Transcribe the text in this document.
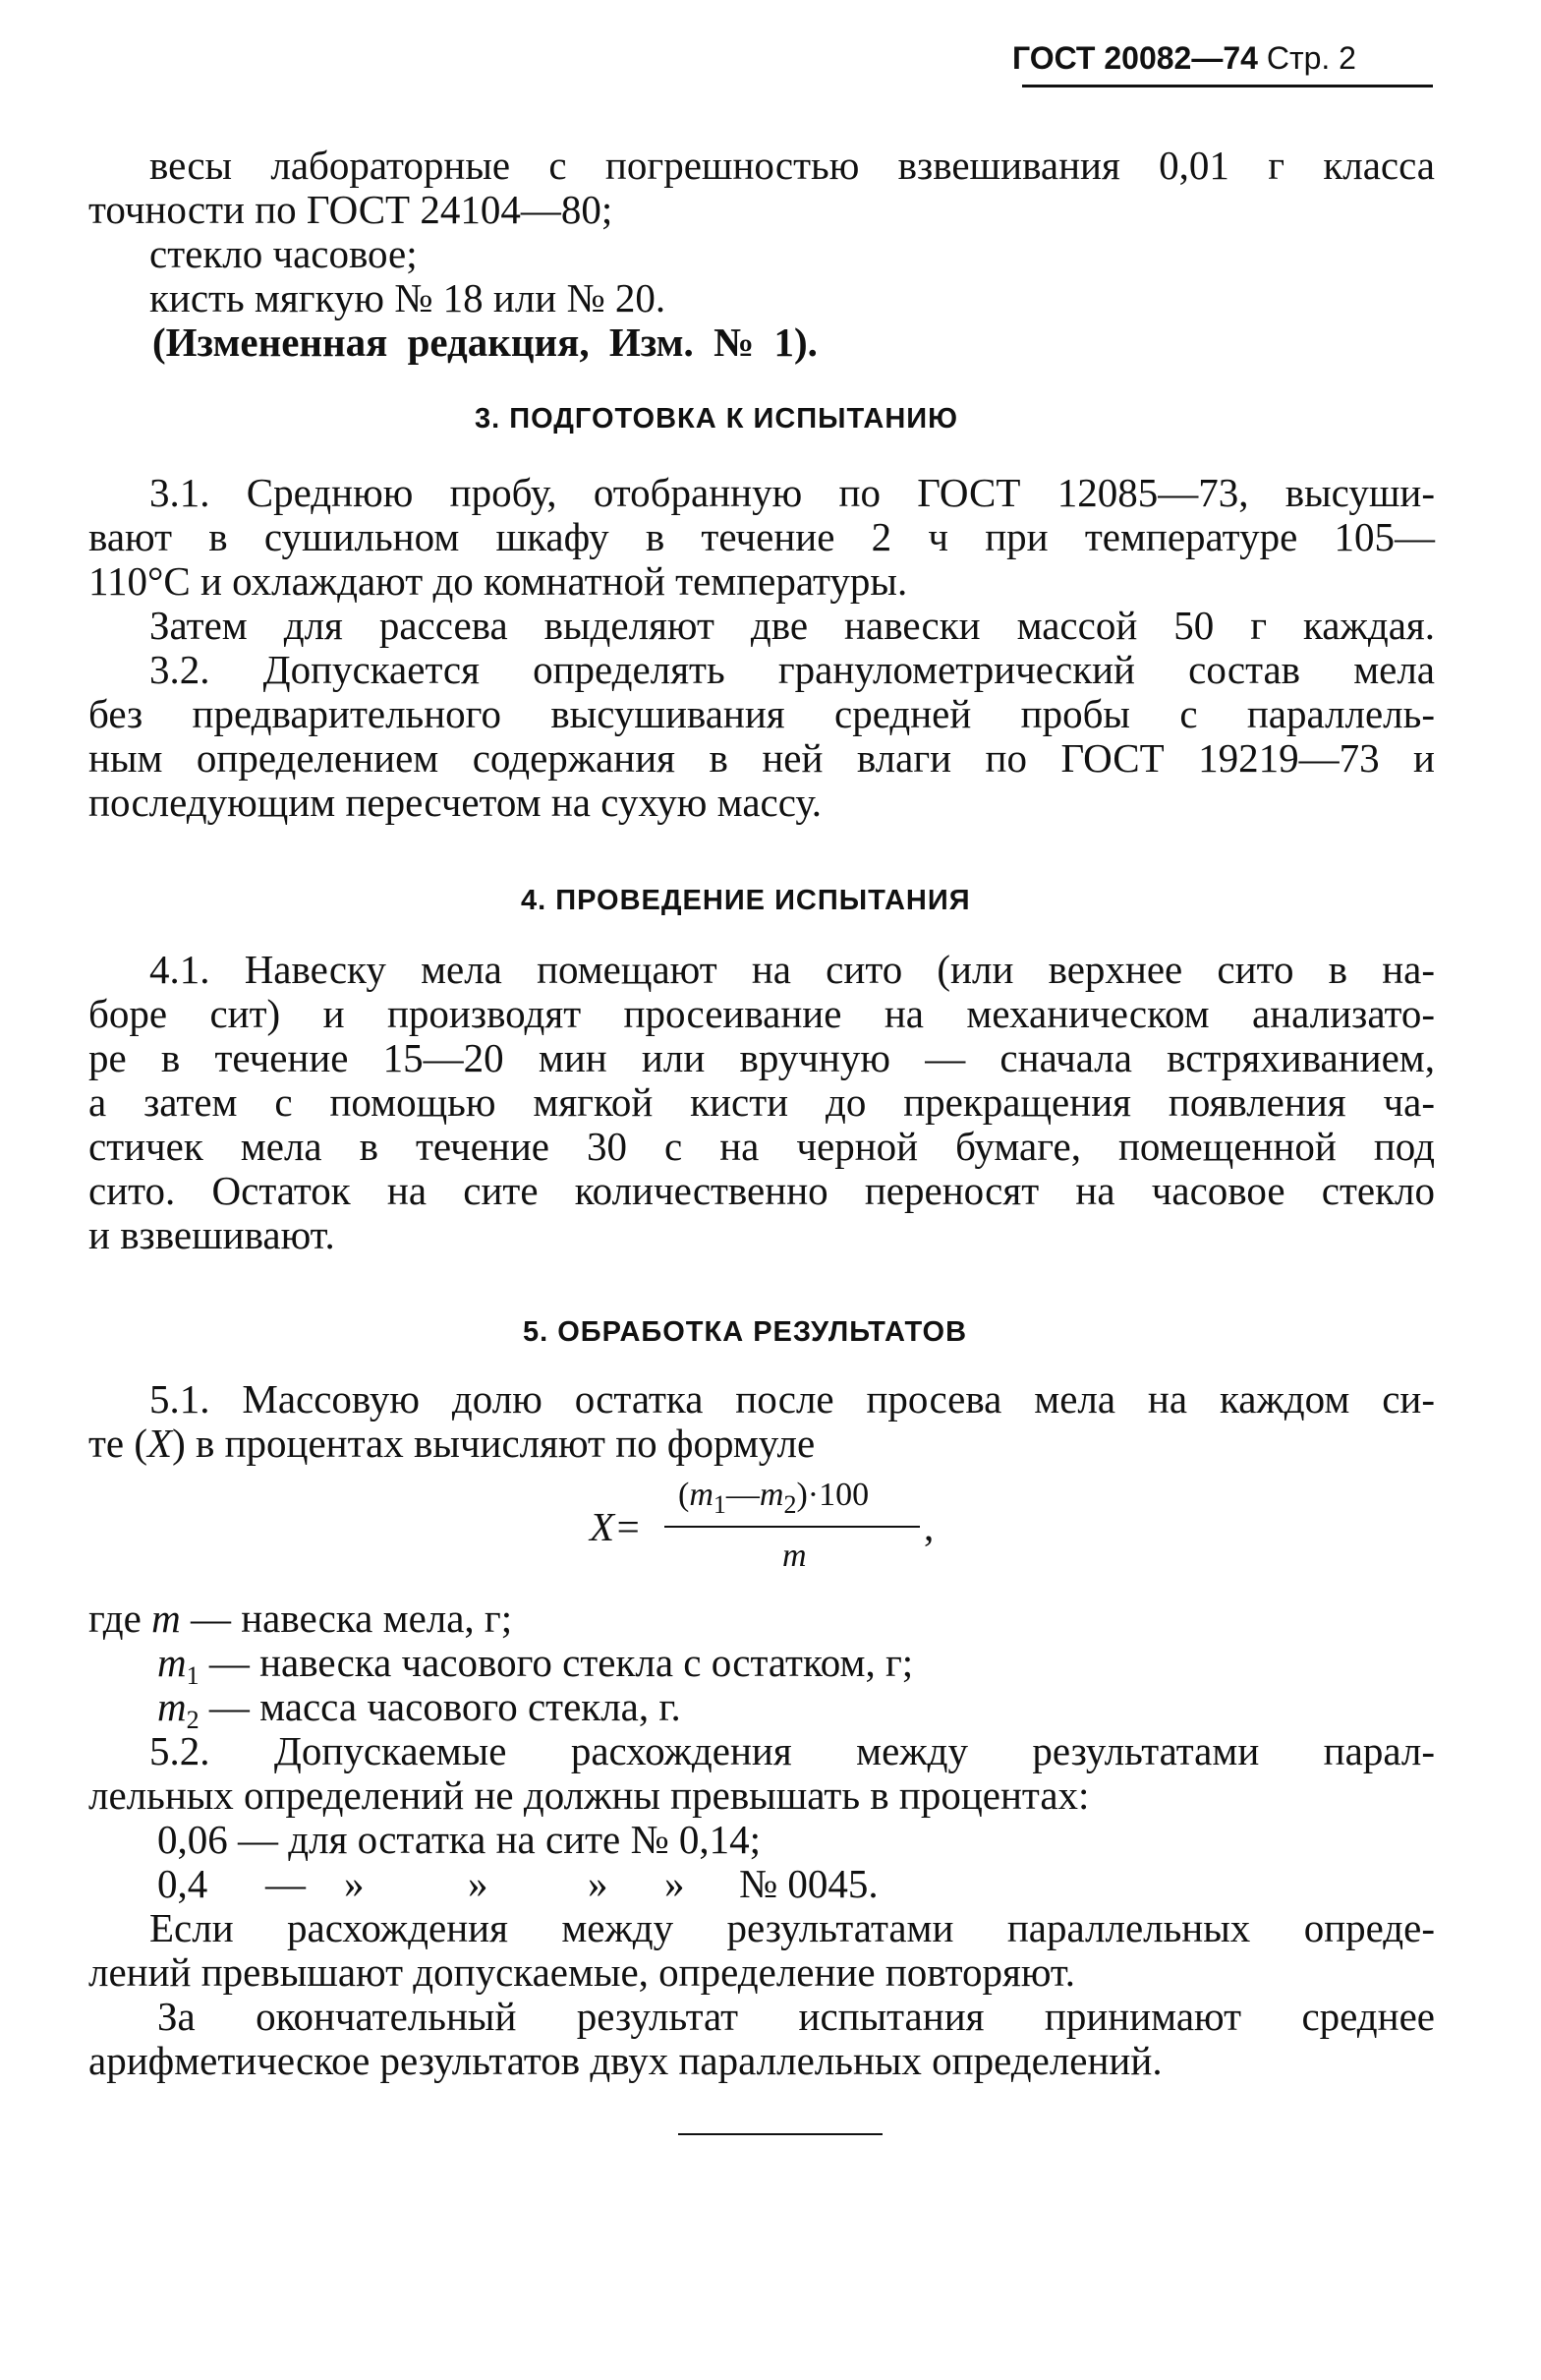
ГОСТ 20082—74 Стр. 2
весы лабораторные с погрешностью взвешивания 0,01 г класса
точности по ГОСТ 24104—80;
стекло часовое;
кисть мягкую № 18 или № 20.
(Измененная редакция, Изм. № 1).
3. ПОДГОТОВКА К ИСПЫТАНИЮ
3.1. Среднюю пробу, отобранную по ГОСТ 12085—73, высуши-
вают в сушильном шкафу в течение 2 ч при температуре 105—
110°С и охлаждают до комнатной температуры.
Затем для рассева выделяют две навески массой 50 г каждая.
3.2. Допускается определять гранулометрический состав мела
без предварительного высушивания средней пробы с параллель-
ным определением содержания в ней влаги по ГОСТ 19219—73 и
последующим пересчетом на сухую массу.
4. ПРОВЕДЕНИЕ ИСПЫТАНИЯ
4.1. Навеску мела помещают на сито (или верхнее сито в на-
боре сит) и производят просеивание на механическом анализато-
ре в течение 15—20 мин или вручную — сначала встряхиванием,
а затем с помощью мягкой кисти до прекращения появления ча-
стичек мела в течение 30 с на черной бумаге, помещенной под
сито. Остаток на сите количественно переносят на часовое стекло
и взвешивают.
5. ОБРАБОТКА РЕЗУЛЬТАТОВ
5.1. Массовую долю остатка после просева мела на каждом си-
те (X) в процентах вычисляют по формуле
X=
$(m_1—m_2)\cdot 100$
m
,
где m — навеска мела, г;
$m_1$ — навеска часового стекла с остатком, г;
$m_2$ — масса часового стекла, г.
5.2. Допускаемые расхождения между результатами парал-
лельных определений не должны превышать в процентах:
0,06 — для остатка на сите № 0,14;
0,4 — »	» » » № 0045.
Если расхождения между результатами параллельных опреде-
лений превышают допускаемые, определение повторяют.
За окончательный результат испытания принимают среднее
арифметическое результатов двух параллельных определений.
